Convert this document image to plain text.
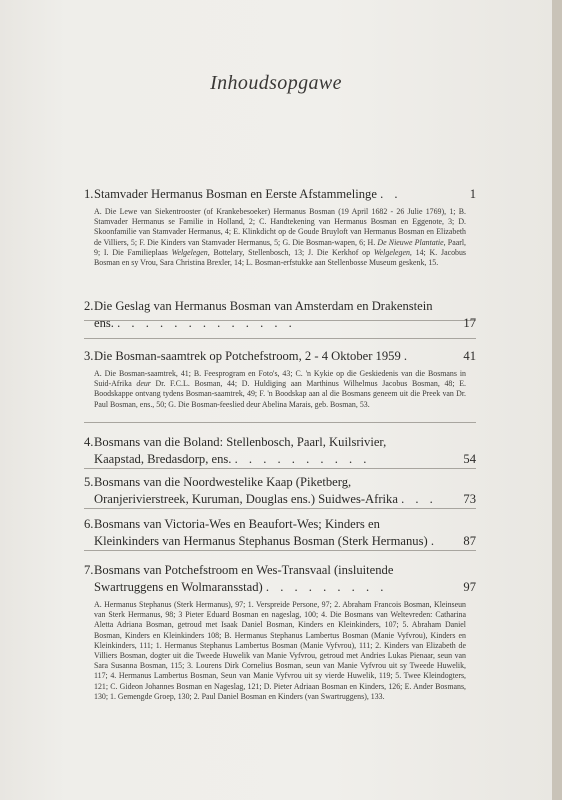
Inhoudsopgawe
1. Stamvader Hermanus Bosman en Eerste Afstammelinge . .	1
A. Die Lewe van Siekentrooster (of Krankebesoeker) Hermanus Bosman (19 April 1682 - 26 Julie 1769), 1; B. Stamvader Hermanus se Familie in Holland, 2; C. Handtekening van Hermanus Bosman en Eggenote, 3; D. Skoonfamilie van Stamvader Hermanus, 4; E. Klinkdicht op de Goude Bruyloft van Hermanus Bosman en Elizabeth de Villiers, 5; F. Die Kinders van Stamvader Hermanus, 5; G. Die Bosman-wapen, 6; H. De Nieuwe Plantatie, Paarl, 9; I. Die Familieplaas Welgelegen, Bottelary, Stellenbosch, 13; J. Die Kerkhof op Welgelegen, 14; K. Jacobus Bosman en sy Vrou, Sara Christina Brexler, 14; L. Bosman-erfstukke aan Stellenbosse Museum geskenk, 15.
2. Die Geslag van Hermanus Bosman van Amsterdam en Drakenstein ens. . . . . . . . . . . . . .	17
3. Die Bosman-saamtrek op Potchefstroom, 2 - 4 Oktober 1959 .	41
A. Die Bosman-saamtrek, 41; B. Feesprogram en Foto's, 43; C. 'n Kykie op die Geskiedenis van die Bosmans in Suid-Afrika deur Dr. F.C.L. Bosman, 44; D. Huldiging aan Marthinus Wilhelmus Jacobus Bosman, 48; E. Boodskappe ontvang tydens Bosman-saamtrek, 49; F. 'n Boodskap aan al die Bosmans geneem uit die Preek van Dr. Paul Bosman, ens., 50; G. Die Bosman-feeslied deur Abelina Marais, geb. Bosman, 53.
4. Bosmans van die Boland: Stellenbosch, Paarl, Kuilsrivier, Kaapstad, Bredasdorp, ens. . . . . . . . . . .	54
5. Bosmans van die Noordwestelike Kaap (Piketberg, Oranjerivierstreek, Kuruman, Douglas ens.) Suidwes-Afrika . . .	73
6. Bosmans van Victoria-Wes en Beaufort-Wes; Kinders en Kleinkinders van Hermanus Stephanus Bosman (Sterk Hermanus) .	87
7. Bosmans van Potchefstroom en Wes-Transvaal (insluitende Swartruggens en Wolmaransstad) . . . . . . . . .	97
A. Hermanus Stephanus (Sterk Hermanus), 97; 1. Verspreide Persone, 97; 2. Abraham Francois Bosman, Kleinseun van Sterk Hermanus, 98; 3 Pieter Eduard Bosman en nageslag, 100; 4. Die Bosmans van Weltevreden: Catharina Aletta Adriana Bosman, getroud met Isaak Daniel Bosman, Kinders en Kleinkinders, 107; 5. Abraham Daniel Bosman, Kinders en Kleinkinders 108; B. Hermanus Stephanus Lambertus Bosman (Manie Vyfvrou), Kinders en Kleinkinders, 111; 1. Hermanus Stephanus Lambertus Bosman (Manie Vyfvrou), 111; 2. Kinders van Elizabeth de Villiers Bosman, dogter uit die Tweede Huwelik van Manie Vyfvrou, getroud met Andries Lukas Pienaar, seun van Sara Susanna Bosman, 115; 3. Lourens Dirk Cornelius Bosman, seun van Manie Vyfvrou uit sy Tweede Huwelik, 117; 4. Hermanus Lambertus Bosman, Seun van Manie Vyfvrou uit sy vierde Huwelik, 119; 5. Twee Kleindogters, 121; C. Gideon Johannes Bosman en Nageslag, 121; D. Pieter Adriaan Bosman en Kinders, 126; E. Ander Bosmans, 130; 1. Gemengde Groep, 130; 2. Paul Daniel Bosman en Kinders (van Swartruggens), 133.
